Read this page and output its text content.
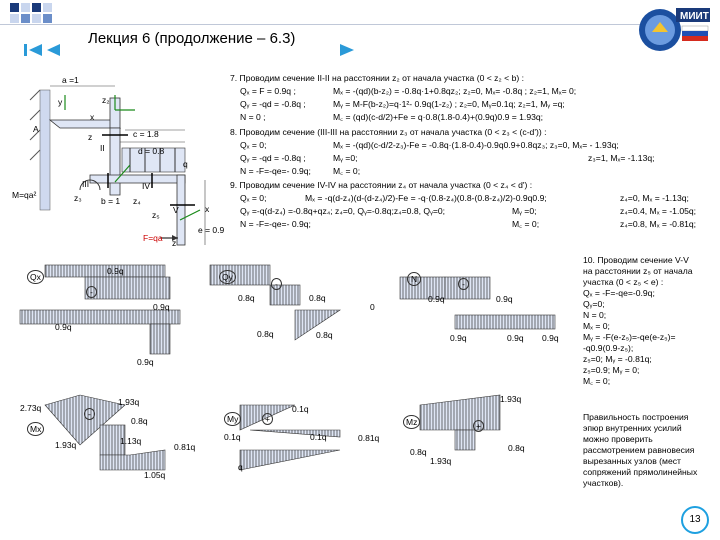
Лекция 6 (продолжение – 6.3)
МИИТ
a =1
y	z₂
x
A
z	c = 1.8
II	d = 0.8
q
III	IV
M=qa²	z₃ b = 1 z₄
x
V
z₅
e = 0.9
F=qa z
7. Проводим сечение II-II на расстоянии z₂ от начала участка (0 < z₂ < b) :
Qₓ = F = 0.9q ;	Mₓ = -(qd)(b-z₂) = -0.8q·1+0.8qz₂; z₂=0, Mₓ= -0.8q ; z₂=1, Mₓ= 0;
Qᵧ = -qd = -0.8q ;	Mᵧ = M-F(b-z₂)=q·1²- 0.9q(1-z₂) ; z₂=0, Mᵧ=0.1q; z₂=1, Mᵧ =q;
N = 0 ;	M꜀ = (qd)(c-d/2)+Fe = q·0.8(1.8-0.4)+(0.9q)0.9 = 1.93q;
8. Проводим сечение (III-III на расстоянии z₃ от начала участка (0 < z₃ < (c-d')) :
Qₓ = 0;	Mₓ = -(qd)(c-d/2-z₃)-Fe = -0.8q·(1.8-0.4)-0.9q0.9+0.8qz₃; z₃=0, Mₓ= - 1.93q;
Qᵧ = -qd = -0.8q ;	Mᵧ =0;	z₃=1, Mₓ= -1.13q;
N = -F=-qe=- 0.9q;	M꜀ = 0;
9. Проводим сечение IV-IV на расстоянии z₄ от начала участка (0 < z₄ < d') :
Qₓ = 0;	Mₓ = -q(d-z₄)(d-(d-z₄)/2)-Fe = -q·(0.8-z₄)(0.8-(0.8-z₄)/2)-0.9q0.9;	z₄=0, Mₓ = -1.13q;
Qᵧ =-q(d-z₄) =-0.8q+qz₄; z₄=0, Qᵧ=-0.8q;z₄=0.8, Qᵧ=0;	Mᵧ =0;	z₄=0.4, Mₓ = -1.05q;
N = -F=-qe=- 0.9q;	M꜀ = 0;	z₄=0.8, Mₓ = -0.81q;
10. Проводим сечение V-V
на расстоянии z₅ от начала
участка (0 < z₅ < e) :
Qₓ = -F=-qe=-0.9q;
Qᵧ=0;
N = 0;
Mₓ = 0;
Mᵧ = -F(e-z₅)=-qe(e-z₅)=
-q0.9(0.9-z₅);
z₅=0; Mᵧ = -0.81q;
z₅=0.9; Mᵧ = 0;
M꜀ = 0;
Правильность построения
эпюр внутренних усилий
можно проверить
рассмотрением равновесия
вырезанных узлов (мест
сопряжений прямолинейных
участков).
Qx
0.9q
0.9q
0.9q
0.9q
Qy
0.8q	0.8q
0.8q	0.8q
0
N
0.9q	0.9q
0.9q	0.9q 0.9q
Mx
2.73q
1.93q
0.8q
1.93q	1.13q
1.05q
0.81q
My
0.1q
0.1q	0.1q	0.81q
q
Mz
1.93q
0.8q
1.93q
0.8q
-
-	-
-	+
+
13
